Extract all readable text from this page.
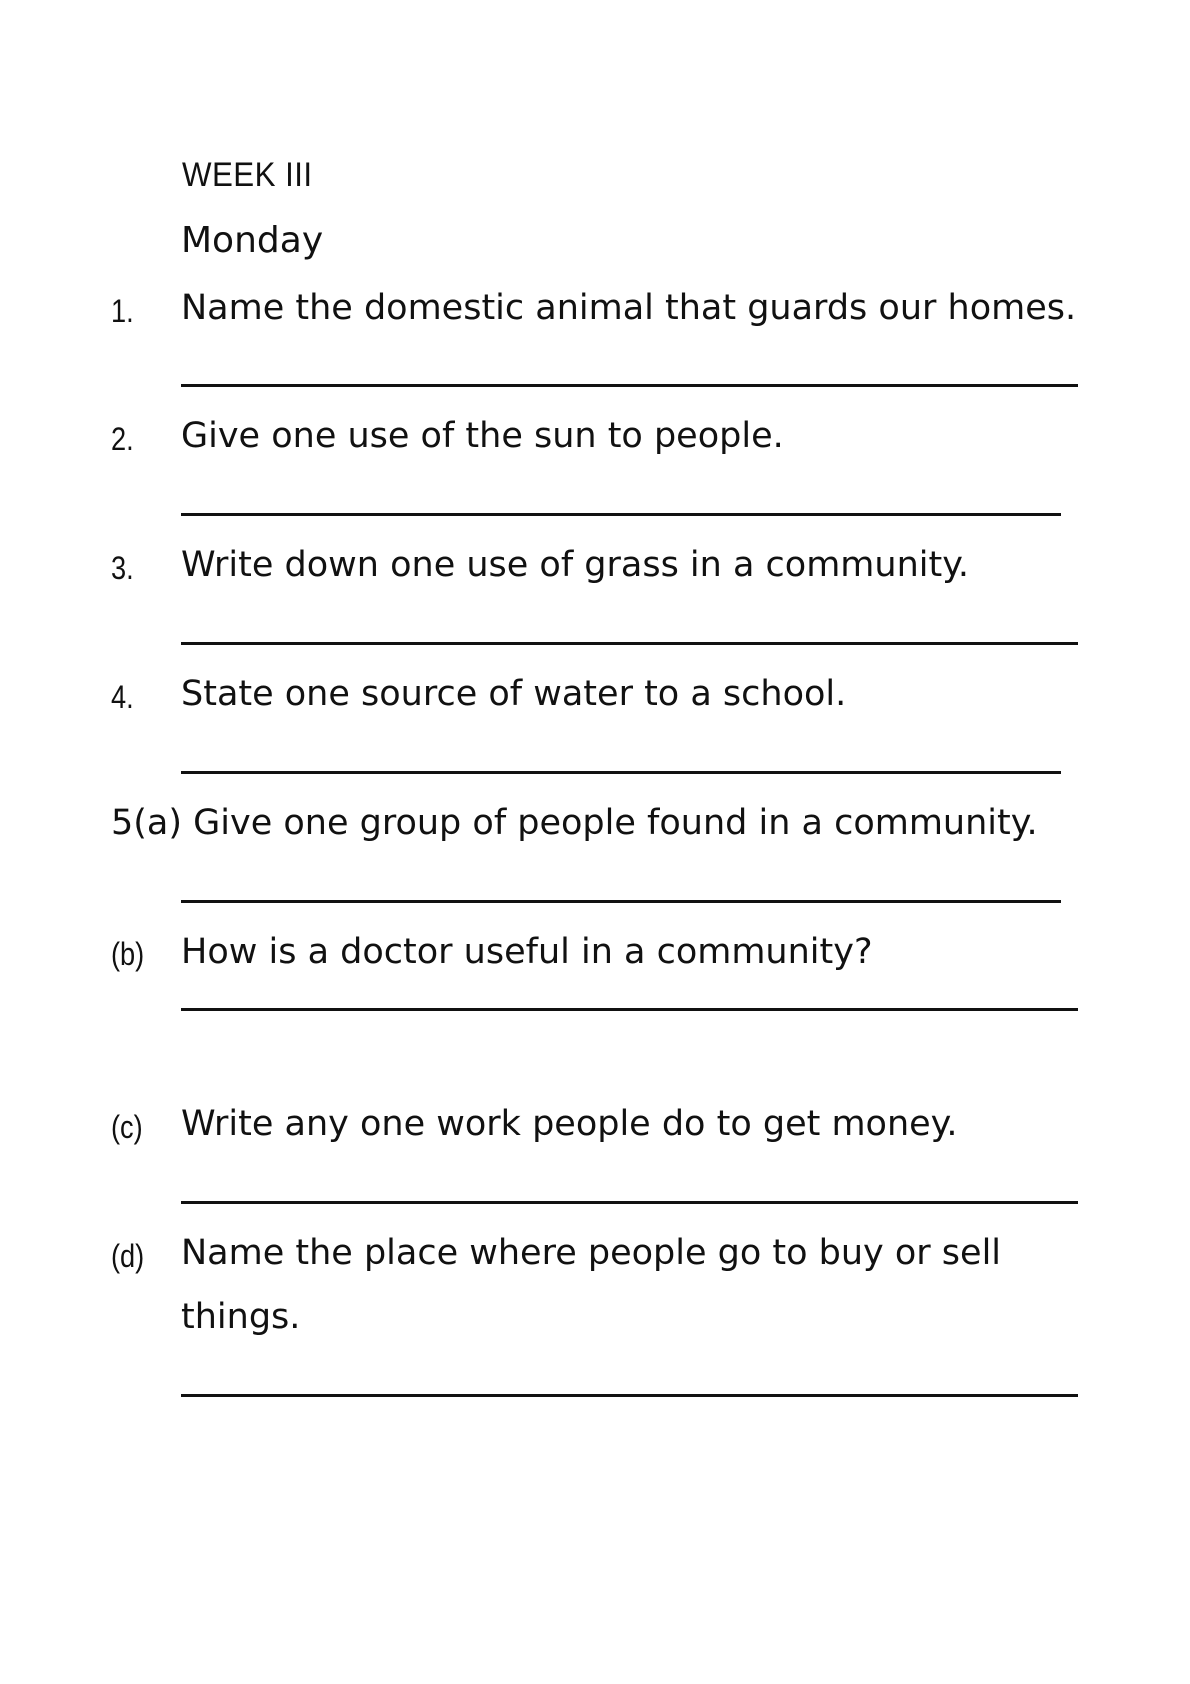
WEEK III
Monday
1. Name the domestic animal that guards our homes.
2. Give one use of the sun to people.
3. Write down one use of grass in a community.
4. State one source of water to a school.
5(a) Give one group of people found in a community.
(b) How is a doctor useful in a community?
(c) Write any one work people do to get money.
(d) Name the place where people go to buy or sell
things.
